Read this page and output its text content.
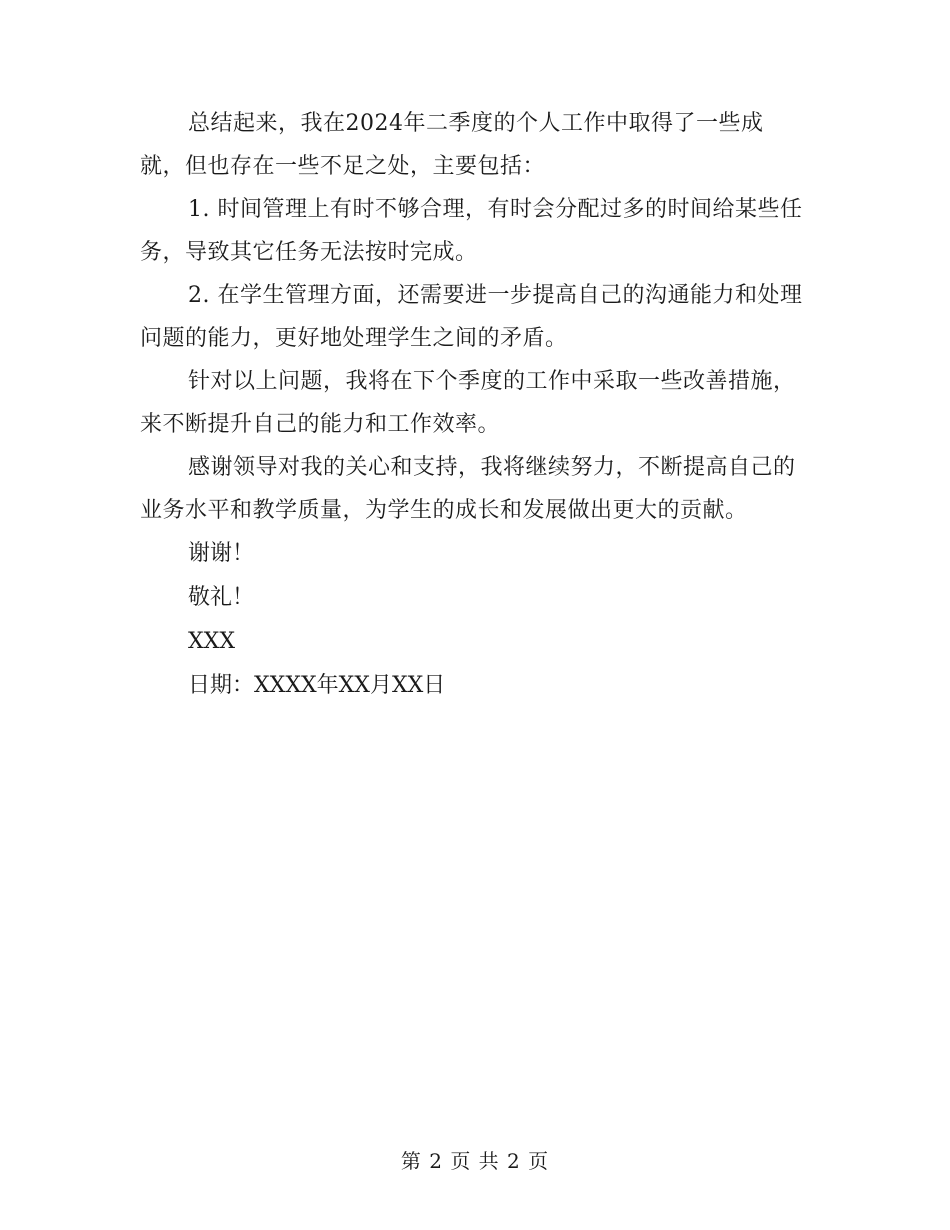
总结起来，我在2024年二季度的个人工作中取得了一些成就，但也存在一些不足之处，主要包括：

1. 时间管理上有时不够合理，有时会分配过多的时间给某些任务，导致其它任务无法按时完成。

2. 在学生管理方面，还需要进一步提高自己的沟通能力和处理问题的能力，更好地处理学生之间的矛盾。

针对以上问题，我将在下个季度的工作中采取一些改善措施，来不断提升自己的能力和工作效率。

感谢领导对我的关心和支持，我将继续努力，不断提高自己的业务水平和教学质量，为学生的成长和发展做出更大的贡献。

谢谢！

敬礼！

XXX

日期：XXXX年XX月XX日

第 2 页 共 2 页
